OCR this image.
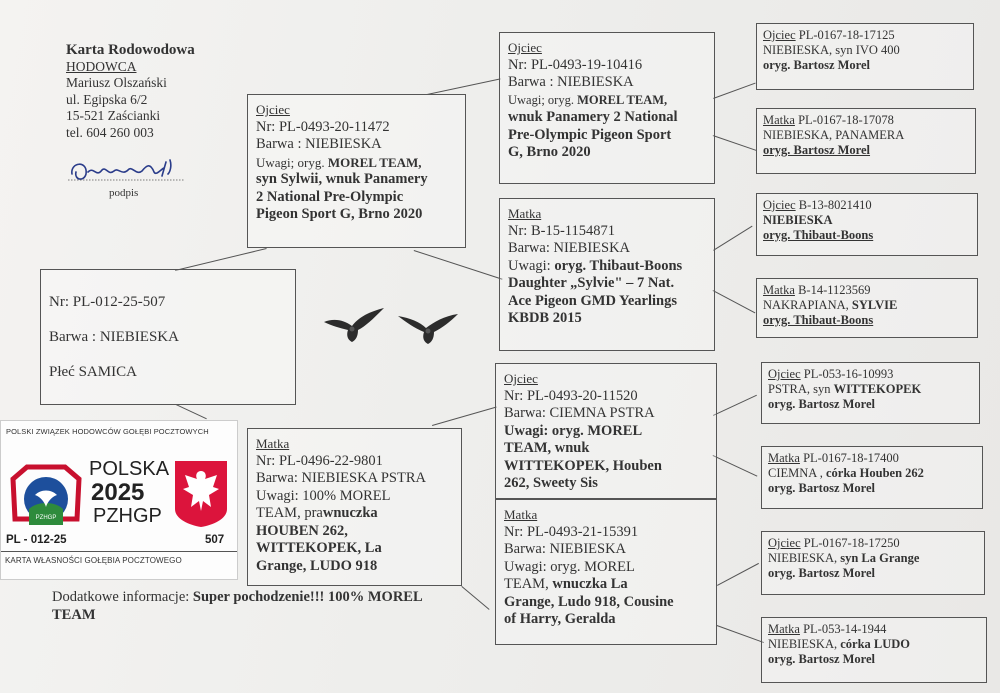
Karta Rodowodowa
HODOWCA
Mariusz Olszański
ul. Egipska 6/2
15-521 Zaścianki
tel. 604 260 003
podpis
Ojciec
Nr: PL-0493-20-11472
Barwa : NIEBIESKA
Uwagi; oryg. MOREL TEAM,
syn Sylwii, wnuk Panamery
2 National Pre-Olympic
Pigeon Sport G, Brno 2020
Nr: PL-012-25-507
Barwa : NIEBIESKA
Płeć SAMICA
Matka
Nr: PL-0496-22-9801
Barwa: NIEBIESKA PSTRA
Uwagi: 100% MOREL
TEAM, prawnuczka
HOUBEN 262,
WITTEKOPEK, La
Grange, LUDO 918
POLSKI ZWIĄZEK HODOWCÓW GOŁĘBI POCZTOWYCH
PZHGP
POLSKA
2025
PZHGP
PL - 012-25	507
KARTA WŁASNOŚCI GOŁĘBIA POCZTOWEGO
Ojciec
Nr: PL-0493-19-10416
Barwa : NIEBIESKA
Uwagi; oryg. MOREL TEAM,
wnuk Panamery 2 National
Pre-Olympic Pigeon Sport
G, Brno 2020
Matka
Nr: B-15-1154871
Barwa: NIEBIESKA
Uwagi: oryg. Thibaut-Boons
Daughter „Sylvie" – 7 Nat.
Ace Pigeon GMD Yearlings
KBDB 2015
Ojciec
Nr: PL-0493-20-11520
Barwa: CIEMNA PSTRA
Uwagi: oryg. MOREL
TEAM, wnuk
WITTEKOPEK, Houben
262, Sweety Sis
Matka
Nr: PL-0493-21-15391
Barwa: NIEBIESKA
Uwagi: oryg. MOREL
TEAM, wnuczka La
Grange, Ludo 918, Cousine
of Harry, Geralda
Ojciec PL-0167-18-17125
NIEBIESKA, syn IVO 400
oryg. Bartosz Morel
Matka PL-0167-18-17078
NIEBIESKA, PANAMERA
oryg. Bartosz Morel
Ojciec B-13-8021410
NIEBIESKA
oryg. Thibaut-Boons
Matka B-14-1123569
NAKRAPIANA, SYLVIE
oryg. Thibaut-Boons
Ojciec PL-053-16-10993
PSTRA, syn WITTEKOPEK
oryg. Bartosz Morel
Matka PL-0167-18-17400
CIEMNA , córka Houben 262
oryg. Bartosz Morel
Ojciec PL-0167-18-17250
NIEBIESKA, syn La Grange
oryg. Bartosz Morel
Matka PL-053-14-1944
NIEBIESKA, córka LUDO
oryg. Bartosz Morel
Dodatkowe informacje: Super pochodzenie!!! 100% MOREL
TEAM
